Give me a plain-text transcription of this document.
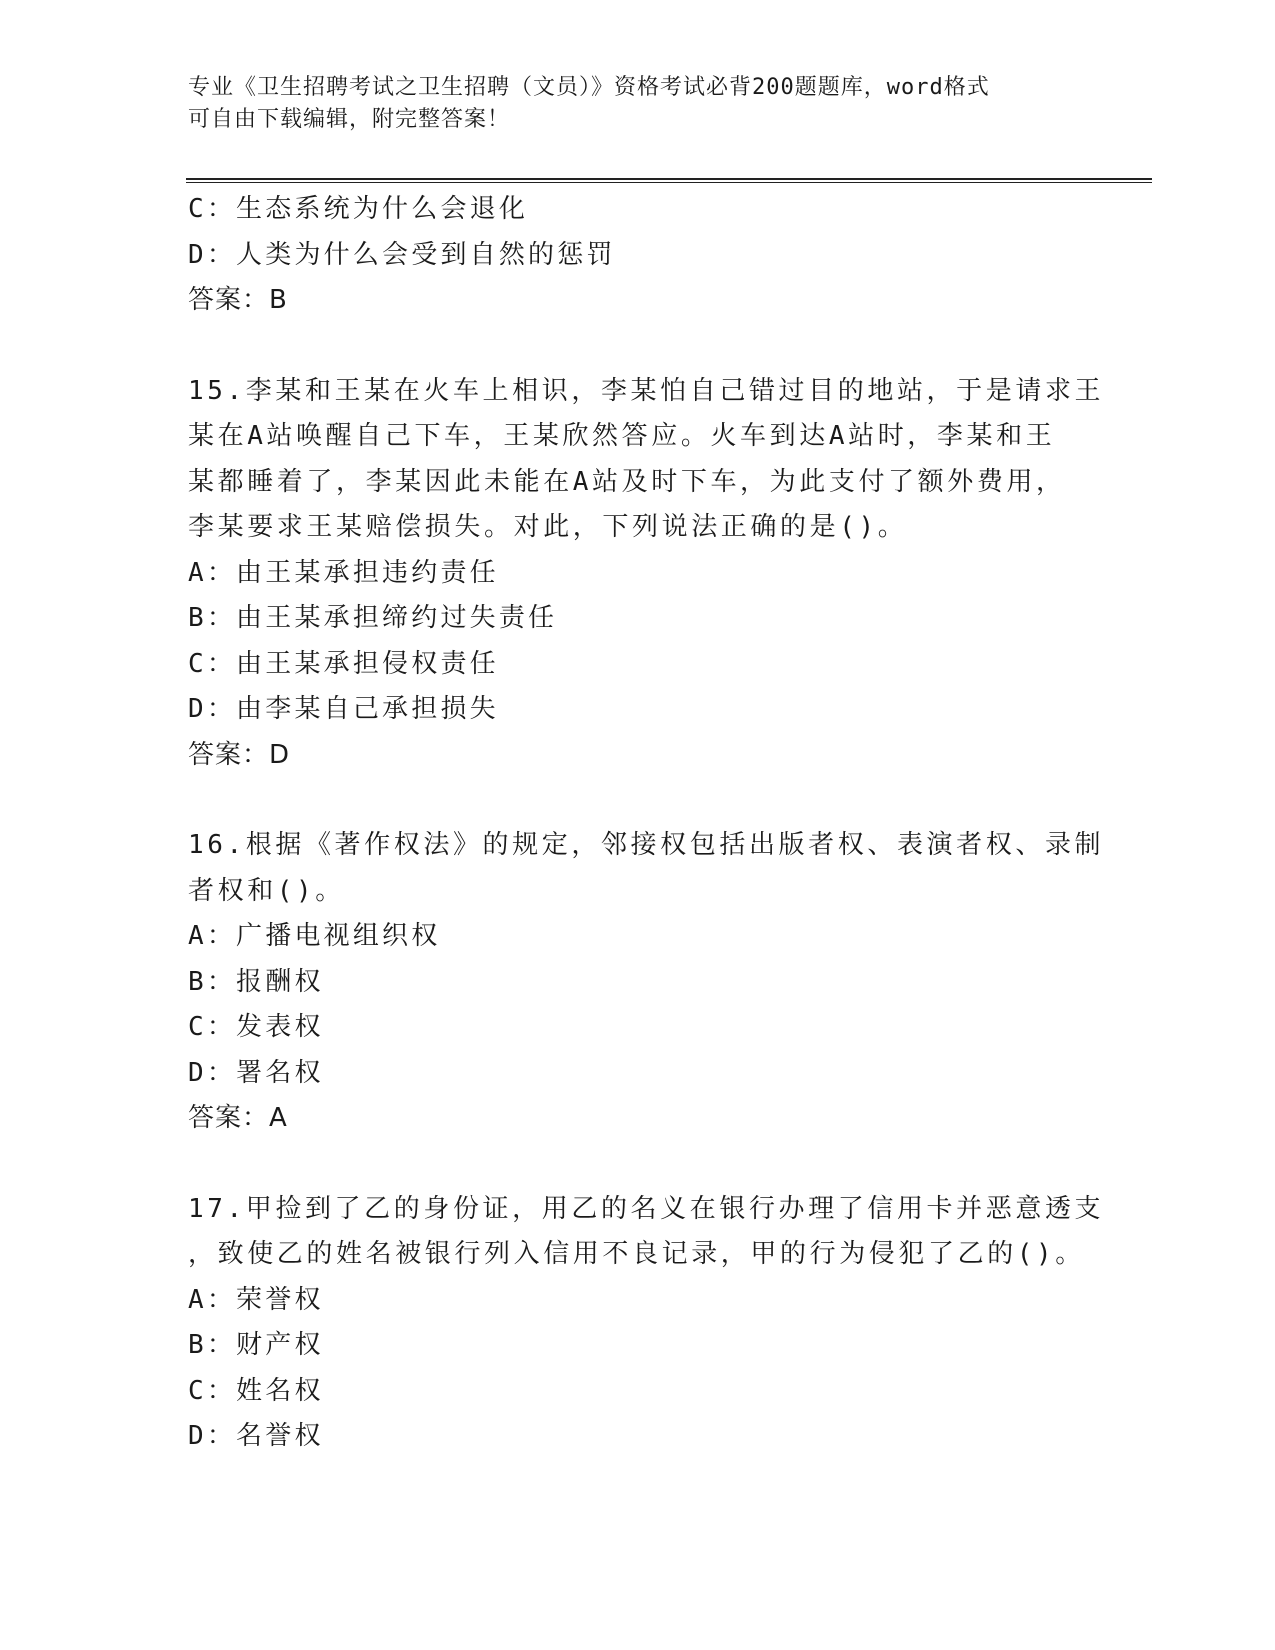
专业《卫生招聘考试之卫生招聘（文员）》资格考试必背200题题库，word格式
可自由下载编辑，附完整答案！
C：生态系统为什么会退化
D：人类为什么会受到自然的惩罚
答案：B
15.李某和王某在火车上相识，李某怕自己错过目的地站，于是请求王
某在A站唤醒自己下车，王某欣然答应。火车到达A站时，李某和王
某都睡着了，李某因此未能在A站及时下车，为此支付了额外费用，
李某要求王某赔偿损失。对此，下列说法正确的是()。
A：由王某承担违约责任
B：由王某承担缔约过失责任
C：由王某承担侵权责任
D：由李某自己承担损失
答案：D
16.根据《著作权法》的规定，邻接权包括出版者权、表演者权、录制
者权和()。
A：广播电视组织权
B：报酬权
C：发表权
D：署名权
答案：A
17.甲捡到了乙的身份证，用乙的名义在银行办理了信用卡并恶意透支
，致使乙的姓名被银行列入信用不良记录，甲的行为侵犯了乙的()。
A：荣誉权
B：财产权
C：姓名权
D：名誉权
